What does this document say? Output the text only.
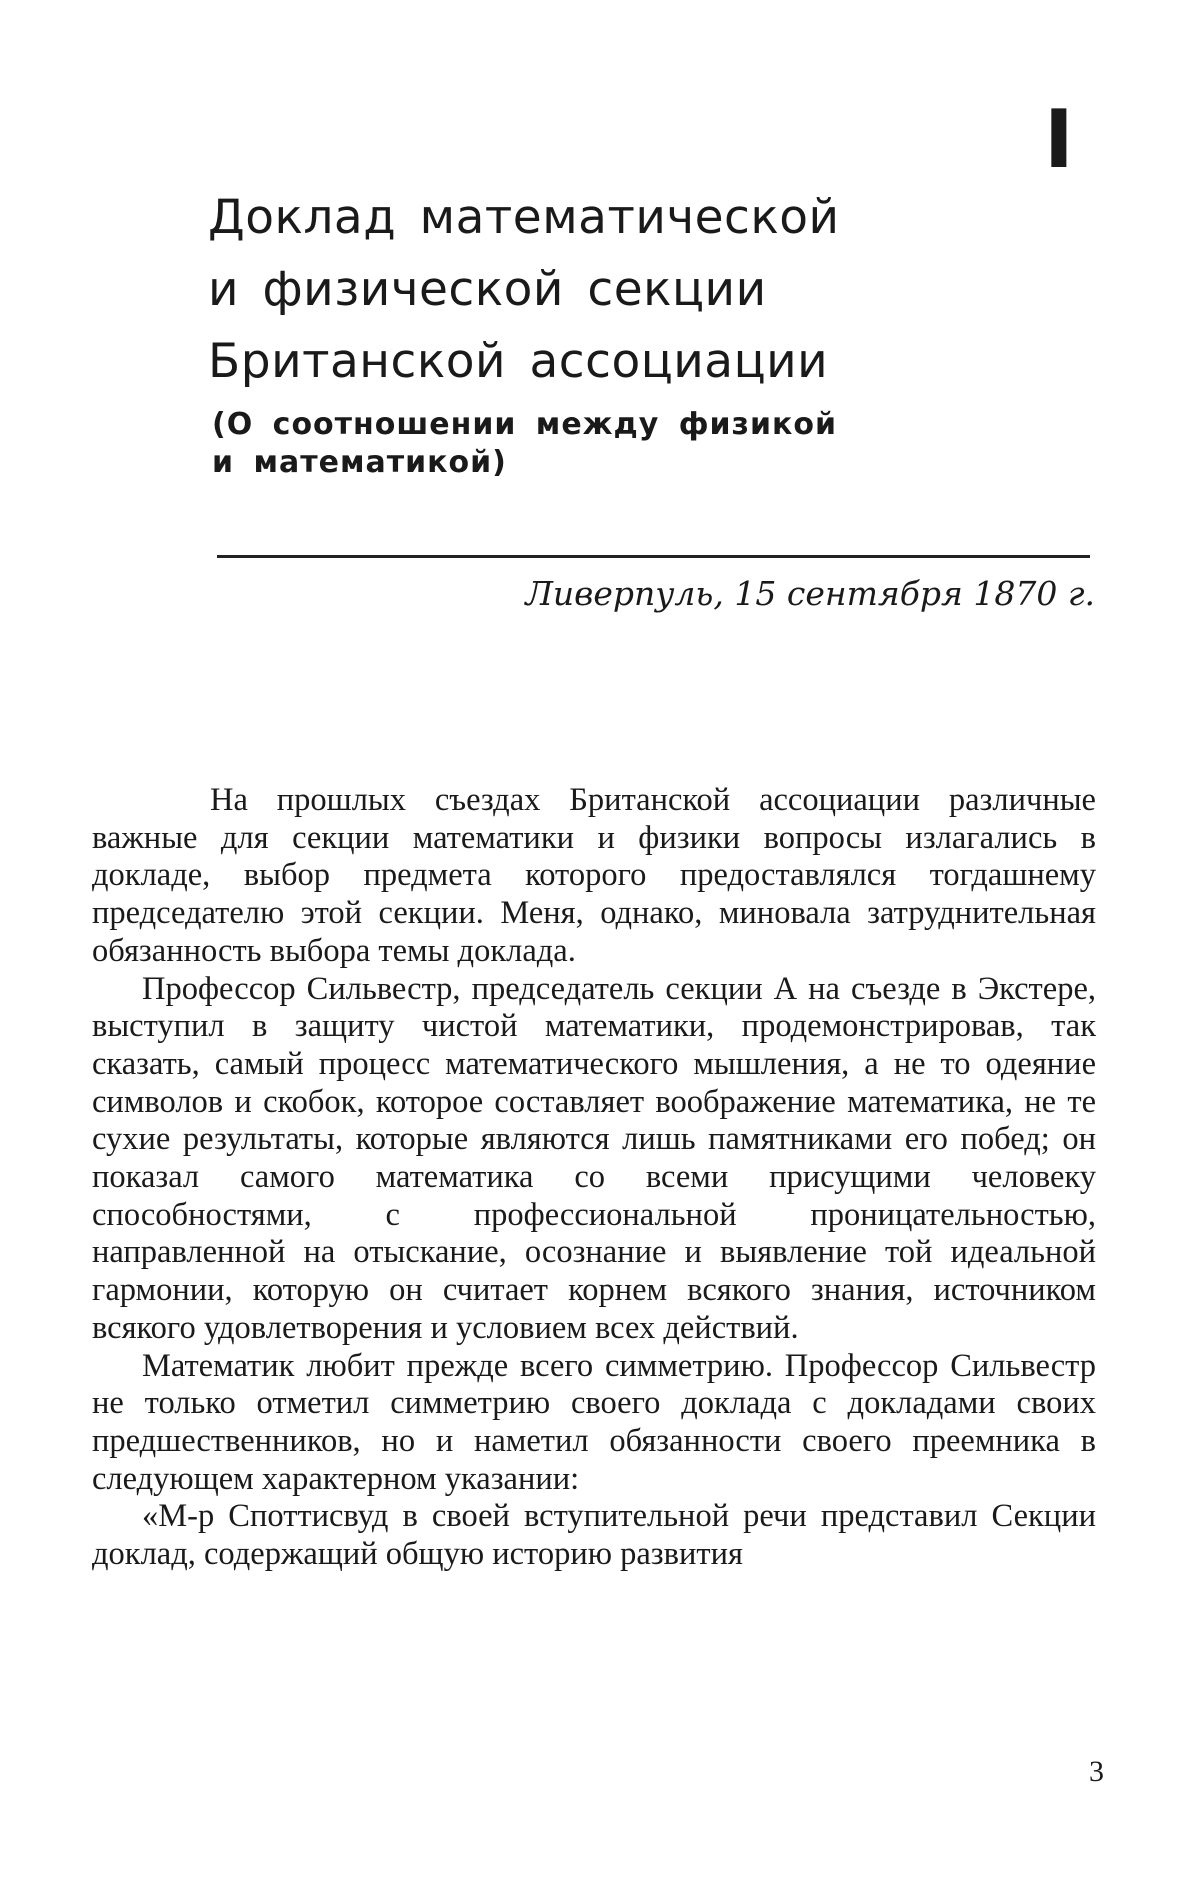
I
Доклад математической
и физической секции
Британской ассоциации
(О соотношении между физикой
и математикой)
Ливерпуль, 15 сентября 1870 г.

На прошлых съездах Британской ассоциации различные важные для секции математики и физики вопросы излагались в докладе, выбор предмета которого предоставлялся тогдашнему председателю этой секции. Меня, однако, миновала затруднительная обязанность выбора темы доклада.

Профессор Сильвестр, председатель секции А на съезде в Экстере, выступил в защиту чистой математики, продемонстрировав, так сказать, самый процесс математического мышления, а не то одеяние символов и скобок, которое составляет воображение математика, не те сухие результаты, которые являются лишь памятниками его побед; он показал самого математика со всеми присущими человеку способностями, с профессиональной проницательностью, направленной на отыскание, осознание и выявление той идеальной гармонии, которую он считает корнем всякого знания, источником всякого удовлетворения и условием всех действий.

Математик любит прежде всего симметрию. Профессор Сильвестр не только отметил симметрию своего доклада с докладами своих предшественников, но и наметил обязанности своего преемника в следующем характерном указании:

«М-р Споттисвуд в своей вступительной речи представил Секции доклад, содержащий общую историю развития

3
